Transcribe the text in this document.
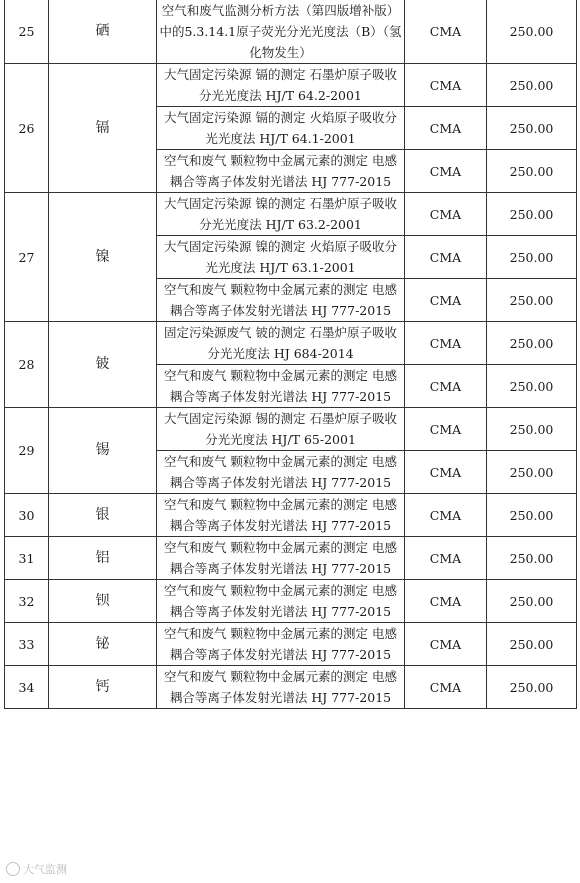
25	硒	空气和废气监测分析方法（第四版增补版）中的5.3.14.1原子荧光分光光度法（B）（氢化物发生）	CMA	250.00
26	镉	大气固定污染源 镉的测定 石墨炉原子吸收分光光度法 HJ/T 64.2-2001	CMA	250.00
		大气固定污染源 镉的测定 火焰原子吸收分光光度法 HJ/T 64.1-2001	CMA	250.00
		空气和废气 颗粒物中金属元素的测定 电感耦合等离子体发射光谱法 HJ 777-2015	CMA	250.00
27	镍	大气固定污染源 镍的测定 石墨炉原子吸收分光光度法 HJ/T 63.2-2001	CMA	250.00
		大气固定污染源 镍的测定 火焰原子吸收分光光度法 HJ/T 63.1-2001	CMA	250.00
		空气和废气 颗粒物中金属元素的测定 电感耦合等离子体发射光谱法 HJ 777-2015	CMA	250.00
28	铍	固定污染源废气 铍的测定 石墨炉原子吸收分光光度法 HJ 684-2014	CMA	250.00
		空气和废气 颗粒物中金属元素的测定 电感耦合等离子体发射光谱法 HJ 777-2015	CMA	250.00
29	锡	大气固定污染源 锡的测定 石墨炉原子吸收分光光度法 HJ/T 65-2001	CMA	250.00
		空气和废气 颗粒物中金属元素的测定 电感耦合等离子体发射光谱法 HJ 777-2015	CMA	250.00
30	银	空气和废气 颗粒物中金属元素的测定 电感耦合等离子体发射光谱法 HJ 777-2015	CMA	250.00
31	铝	空气和废气 颗粒物中金属元素的测定 电感耦合等离子体发射光谱法 HJ 777-2015	CMA	250.00
32	钡	空气和废气 颗粒物中金属元素的测定 电感耦合等离子体发射光谱法 HJ 777-2015	CMA	250.00
33	铋	空气和废气 颗粒物中金属元素的测定 电感耦合等离子体发射光谱法 HJ 777-2015	CMA	250.00
34	钙	空气和废气 颗粒物中金属元素的测定 电感耦合等离子体发射光谱法 HJ 777-2015	CMA	250.00
大气监测
